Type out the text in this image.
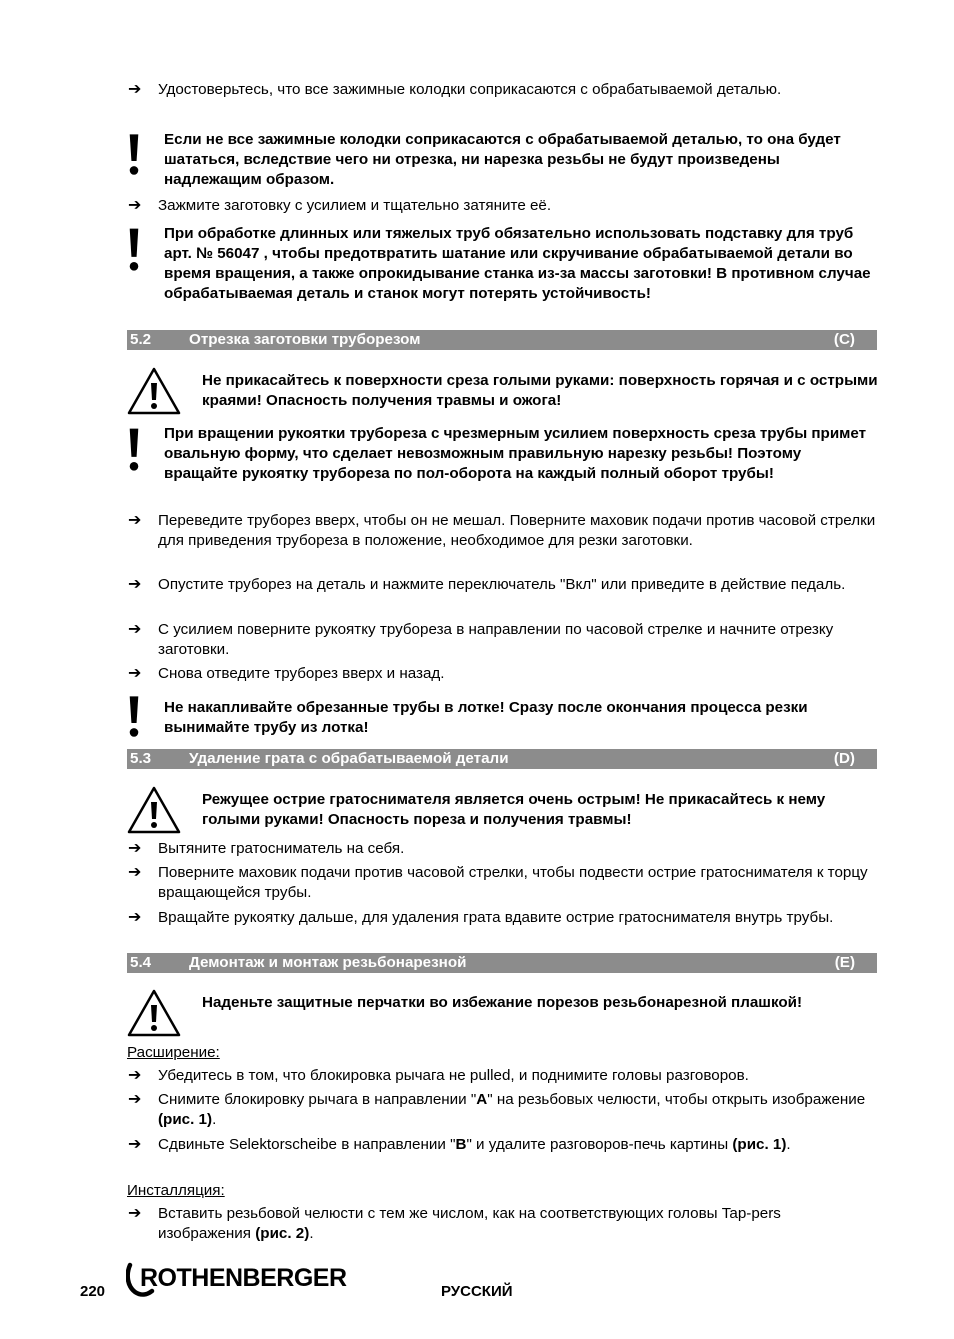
➔	Удостоверьтесь, что все зажимные колодки соприкасаются с обрабатываемой деталью.
Если не все зажимные колодки соприкасаются с обрабатываемой деталью, то она будет шататься, вследствие чего ни отрезка, ни нарезка резьбы не будут произведены надлежащим образом.
➔	Зажмите заготовку с усилием и тщательно затяните её.
При обработке длинных или тяжелых труб обязательно использовать подставку для труб арт. № 56047 , чтобы предотвратить шатание или скручивание обрабатываемой детали во время вращения, а также опрокидывание станка из-за массы заготовки! В противном случае обрабатываемая деталь и станок могут потерять устойчивость!
5.2 Отрезка заготовки труборезом	(C)
Не прикасайтесь к поверхности среза голыми руками: поверхность горячая и с острыми краями! Опасность получения травмы и ожога!
При вращении рукоятки трубореза с чрезмерным усилием поверхность среза трубы примет овальную форму, что сделает невозможным правильную нарезку резьбы! Поэтому вращайте рукоятку трубореза по пол-оборота на каждый полный оборот трубы!
➔	Переведите труборез вверх, чтобы он не мешал. Поверните маховик подачи против часовой стрелки для приведения трубореза в положение, необходимое для резки заготовки.
➔	Опустите труборез на деталь и нажмите переключатель "Вкл" или приведите в действие педаль.
➔	С усилием поверните рукоятку трубореза в направлении по часовой стрелке и начните отрезку заготовки.
➔	Снова отведите труборез вверх и назад.
Не накапливайте обрезанные трубы в лотке! Сразу после окончания процесса резки вынимайте трубу из лотка!
5.3 Удаление грата с обрабатываемой детали	(D)
Режущее острие гратоснимателя является очень острым! Не прикасайтесь к нему голыми руками! Опасность пореза и получения травмы!
➔	Вытяните гратосниматель на себя.
➔	Поверните маховик подачи против часовой стрелки, чтобы подвести острие гратоснимателя к торцу вращающейся трубы.
➔	Вращайте рукоятку дальше, для удаления грата вдавите острие гратоснимателя внутрь трубы.
5.4 Демонтаж и монтаж резьбонарезной	(E)
Наденьте защитные перчатки во избежание порезов резьбонарезной плашкой!
Расширение:
➔	Убедитесь в том, что блокировка рычага не pulled, и поднимите головы разговоров.
➔	Снимите блокировку рычага в направлении "A" на резьбовых челюсти, чтобы открыть изображение (рис. 1).
➔	Сдвиньте Selektorscheibe в направлении "B" и удалите разговоров-печь картины (рис. 1).
Инсталляция:
➔	Вставить резьбовой челюсти с тем же числом, как на соответствующих головы Tap-pers изображения (рис. 2).
220 ROTHENBERGER	РУССКИЙ
